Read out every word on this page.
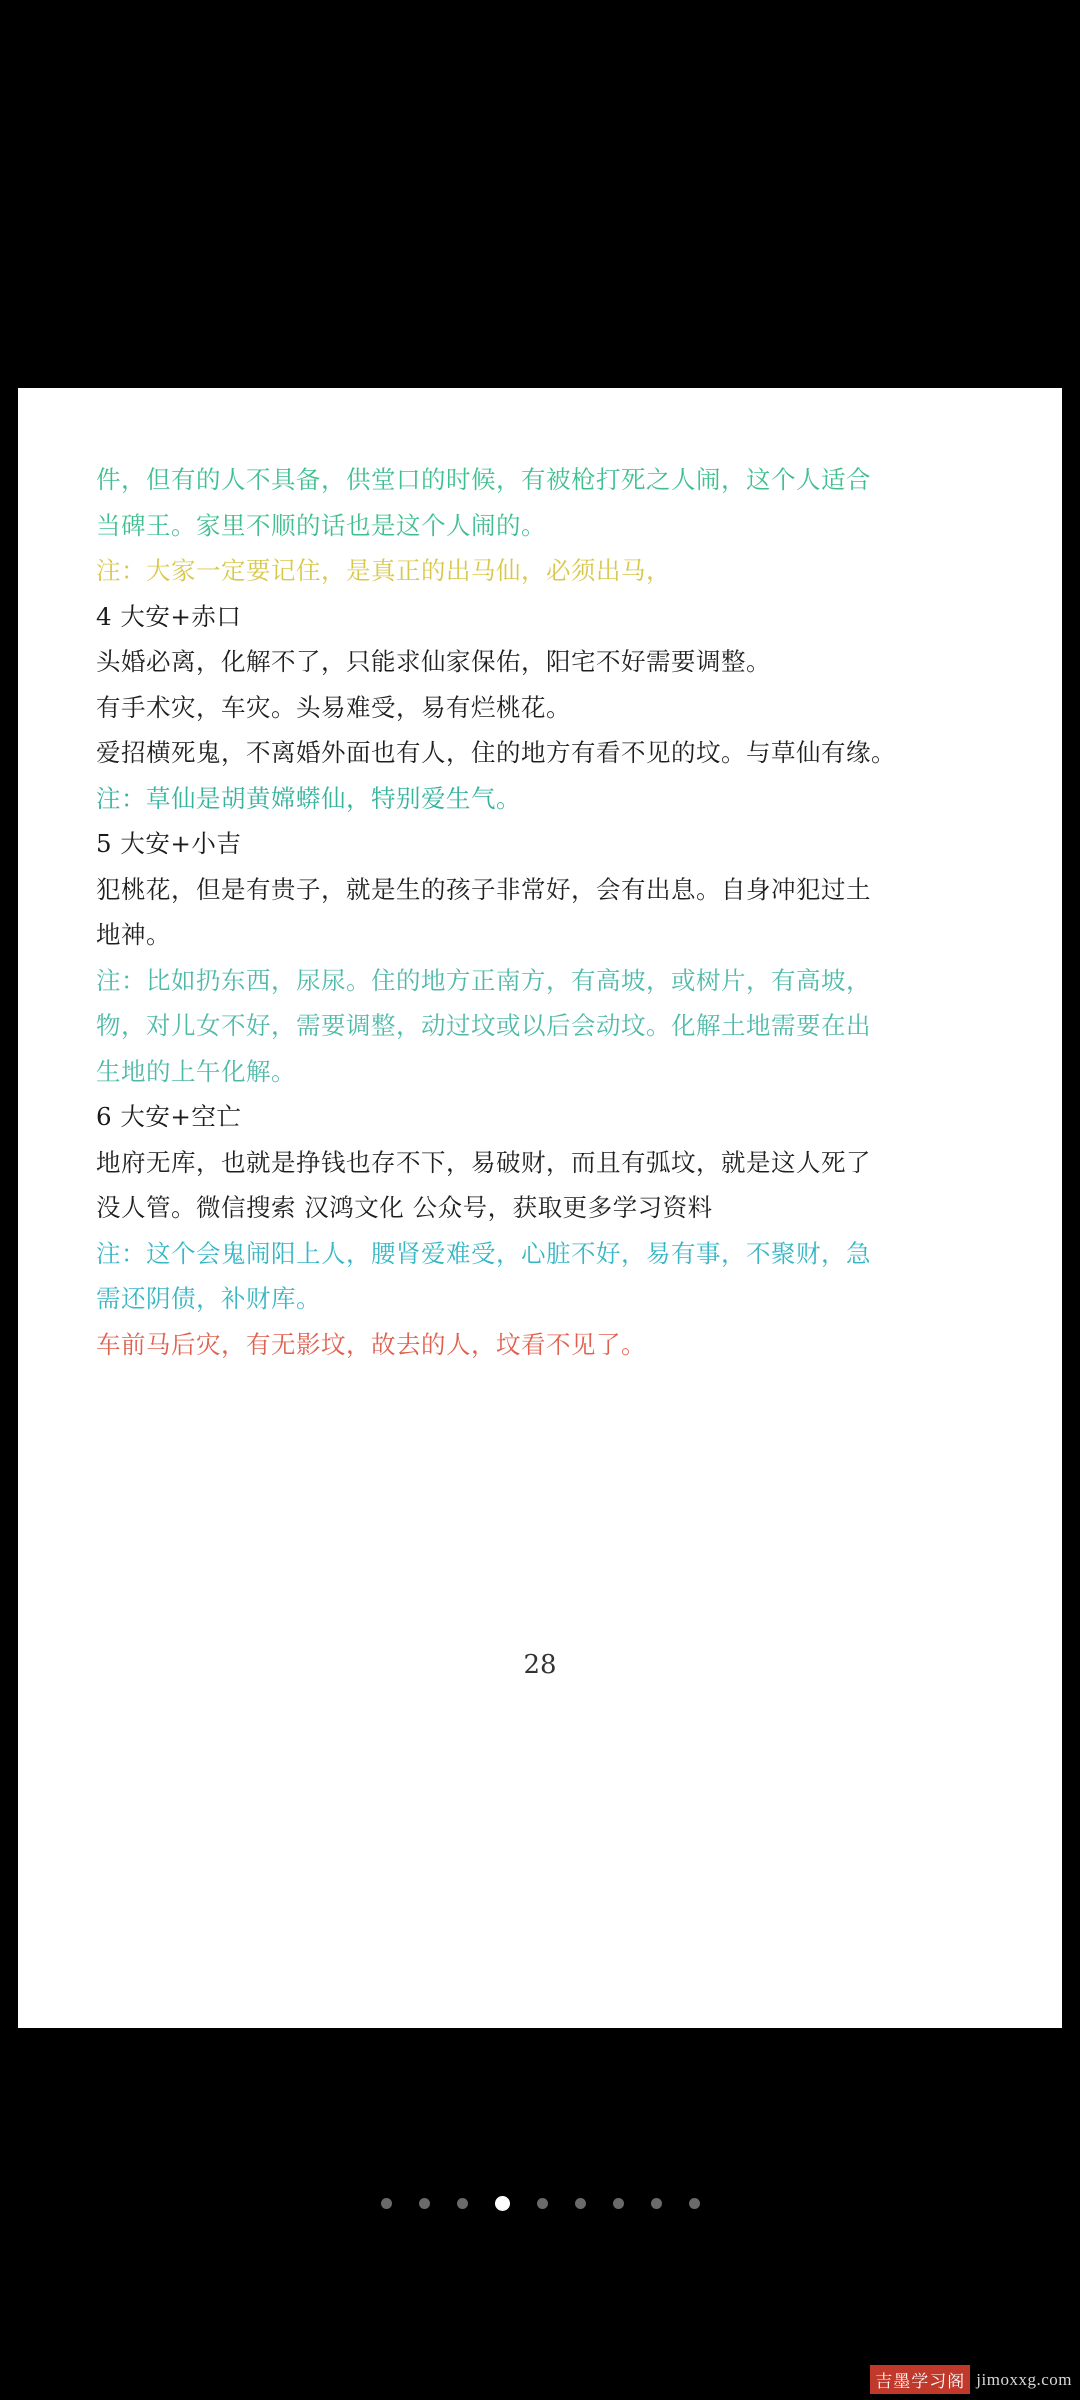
件，但有的人不具备，供堂口的时候，有被枪打死之人闹，这个人适合
当碑王。家里不顺的话也是这个人闹的。
注：大家一定要记住，是真正的出马仙，必须出马，
4 大安+赤口
头婚必离，化解不了，只能求仙家保佑，阳宅不好需要调整。
有手术灾，车灾。头易难受，易有烂桃花。
爱招横死鬼，不离婚外面也有人，住的地方有看不见的坟。与草仙有缘。
注：草仙是胡黄嫦蟒仙，特别爱生气。
5 大安+小吉
犯桃花，但是有贵子，就是生的孩子非常好，会有出息。自身冲犯过土
地神。
注：比如扔东西，尿尿。住的地方正南方，有高坡，或树片，有高坡，
物，对儿女不好，需要调整，动过坟或以后会动坟。化解土地需要在出
生地的上午化解。
6 大安+空亡
地府无库，也就是挣钱也存不下，易破财，而且有弧坟，就是这人死了
没人管。微信搜索 汉鸿文化 公众号，获取更多学习资料
注：这个会鬼闹阳上人，腰肾爱难受，心脏不好，易有事，不聚财，急
需还阴债，补财库。
车前马后灾，有无影坟，故去的人，坟看不见了。
28
吉墨学习阁 jimoxxg.com
